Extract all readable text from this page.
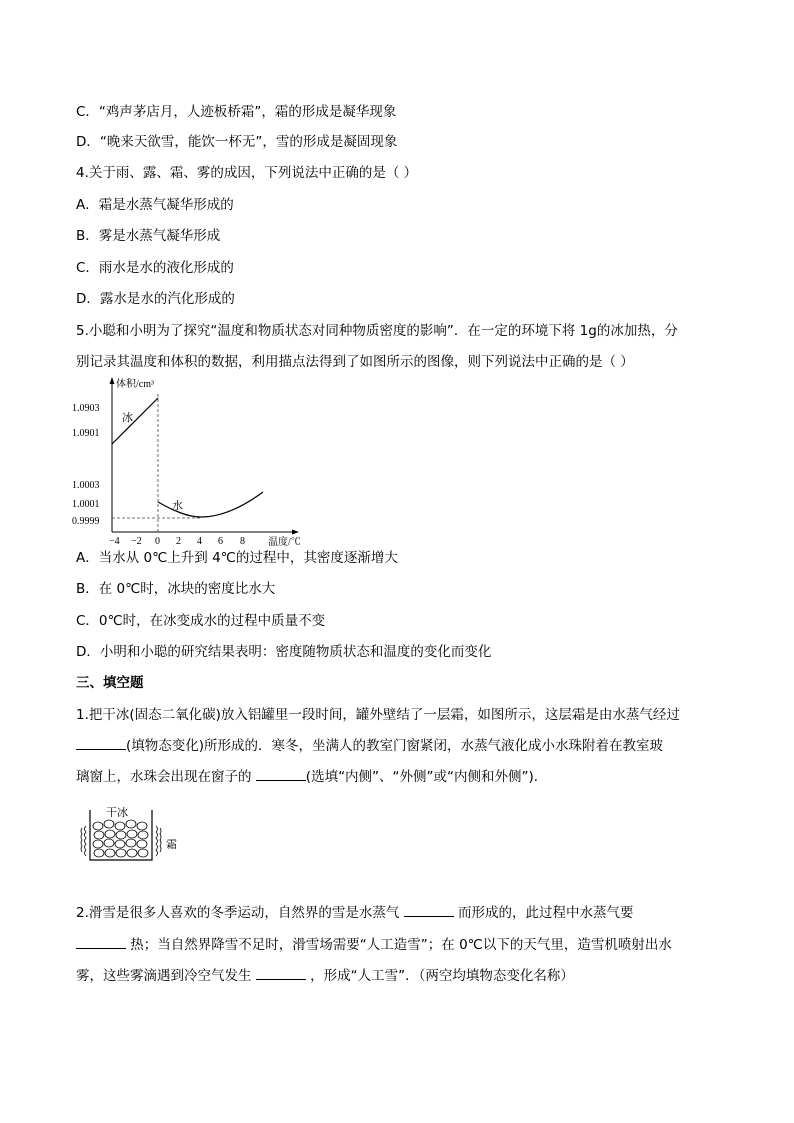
C．“鸡声茅店月，人迹板桥霜”，霜的形成是凝华现象
D．“晚来天欲雪，能饮一杯无”，雪的形成是凝固现象
4.关于雨、露、霜、雾的成因，下列说法中正确的是（ ）
A．霜是水蒸气凝华形成的
B．雾是水蒸气凝华形成
C．雨水是水的液化形成的
D．露水是水的汽化形成的
5.小聪和小明为了探究“温度和物质状态对同种物质密度的影响”．在一定的环境下将 1g的冰加热，分
别记录其温度和体积的数据，利用描点法得到了如图所示的图像，则下列说法中正确的是（ ）
体积/cm³
温度/℃
1.0903
1.0901
1.0003
1.0001
0.9999
−4 −2 0 2 4 6 8
冰
水
A．当水从 0℃上升到 4℃的过程中，其密度逐渐增大
B．在 0℃时，冰块的密度比水大
C．0℃时，在冰变成水的过程中质量不变
D．小明和小聪的研究结果表明：密度随物质状态和温度的变化而变化
三、填空题
1.把干冰(固态二氧化碳)放入铝罐里一段时间，罐外壁结了一层霜，如图所示，这层霜是由水蒸气经过
(填物态变化)所形成的．寒冬，坐满人的教室门窗紧闭，水蒸气液化成小水珠附着在教室玻
璃窗上，水珠会出现在窗子的	(选填“内侧”、“外侧”或“内侧和外侧”)．
干冰
霜
2.滑雪是很多人喜欢的冬季运动，自然界的雪是水蒸气	而形成的，此过程中水蒸气要
热；当自然界降雪不足时，滑雪场需要“人工造雪”；在 0℃以下的天气里，造雪机喷射出水
雾，这些雾滴遇到冷空气发生	，形成“人工雪”．（两空均填物态变化名称）
